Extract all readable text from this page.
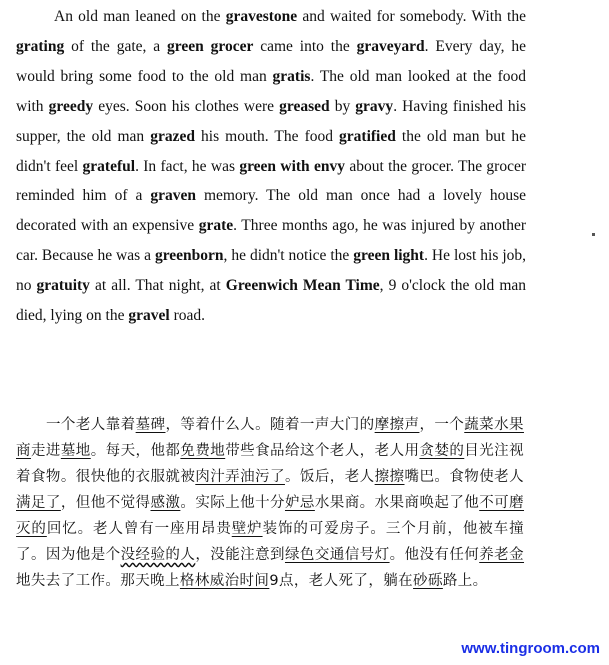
An old man leaned on the gravestone and waited for somebody. With the grating of the gate, a green grocer came into the graveyard. Every day, he would bring some food to the old man gratis. The old man looked at the food with greedy eyes. Soon his clothes were greased by gravy. Having finished his supper, the old man grazed his mouth. The food gratified the old man but he didn't feel grateful. In fact, he was green with envy about the grocer. The grocer reminded him of a graven memory. The old man once had a lovely house decorated with an expensive grate. Three months ago, he was injured by another car. Because he was a greenborn, he didn't notice the green light. He lost his job, no gratuity at all. That night, at Greenwich Mean Time, 9 o'clock the old man died, lying on the gravel road.

一个老人靠着墓碑，等着什么人。随着一声大门的摩擦声，一个蔬菜水果商走进墓地。每天，他都免费地带些食品给这个老人，老人用贪婪的目光注视着食物。很快他的衣服就被肉汁弄油污了。饭后，老人擦擦嘴巴。食物使老人满足了，但他不觉得感激。实际上他十分妒忌水果商。水果商唤起了他不可磨灭的回忆。老人曾有一座用昂贵壁炉装饰的可爱房子。三个月前，他被车撞了。因为他是个没经验的人，没能注意到绿色交通信号灯。他没有任何养老金地失去了工作。那天晚上格林威治时间9点，老人死了，躺在砂砾路上。

www.tingroom.com
